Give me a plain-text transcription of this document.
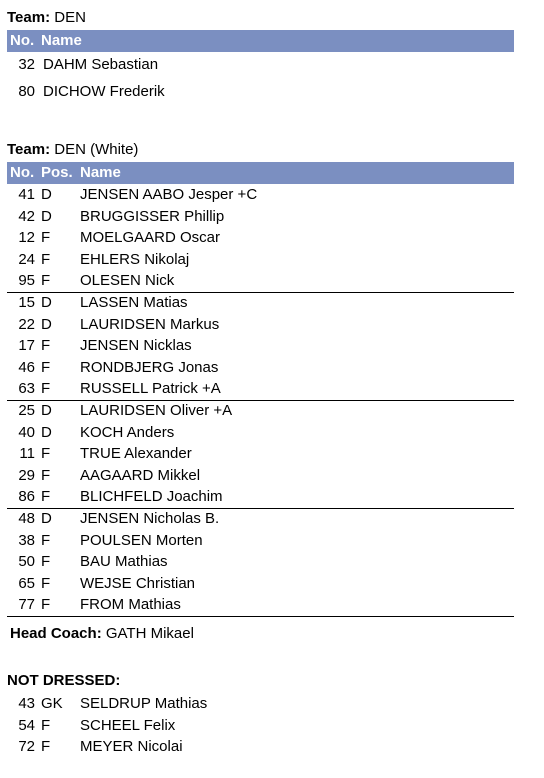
Team: DEN
No. Name
32 DAHM Sebastian
80 DICHOW Frederik
Team: DEN (White)
No. Pos. Name
41 D JENSEN AABO Jesper +C
42 D BRUGGISSER Phillip
12 F MOELGAARD Oscar
24 F EHLERS Nikolaj
95 F OLESEN Nick
15 D LASSEN Matias
22 D LAURIDSEN Markus
17 F JENSEN Nicklas
46 F RONDBJERG Jonas
63 F RUSSELL Patrick +A
25 D LAURIDSEN Oliver +A
40 D KOCH Anders
11 F TRUE Alexander
29 F AAGAARD Mikkel
86 F BLICHFELD Joachim
48 D JENSEN Nicholas B.
38 F POULSEN Morten
50 F BAU Mathias
65 F WEJSE Christian
77 F FROM Mathias
Head Coach: GATH Mikael
NOT DRESSED:
43 GK SELDRUP Mathias
54 F SCHEEL Felix
72 F MEYER Nicolai
